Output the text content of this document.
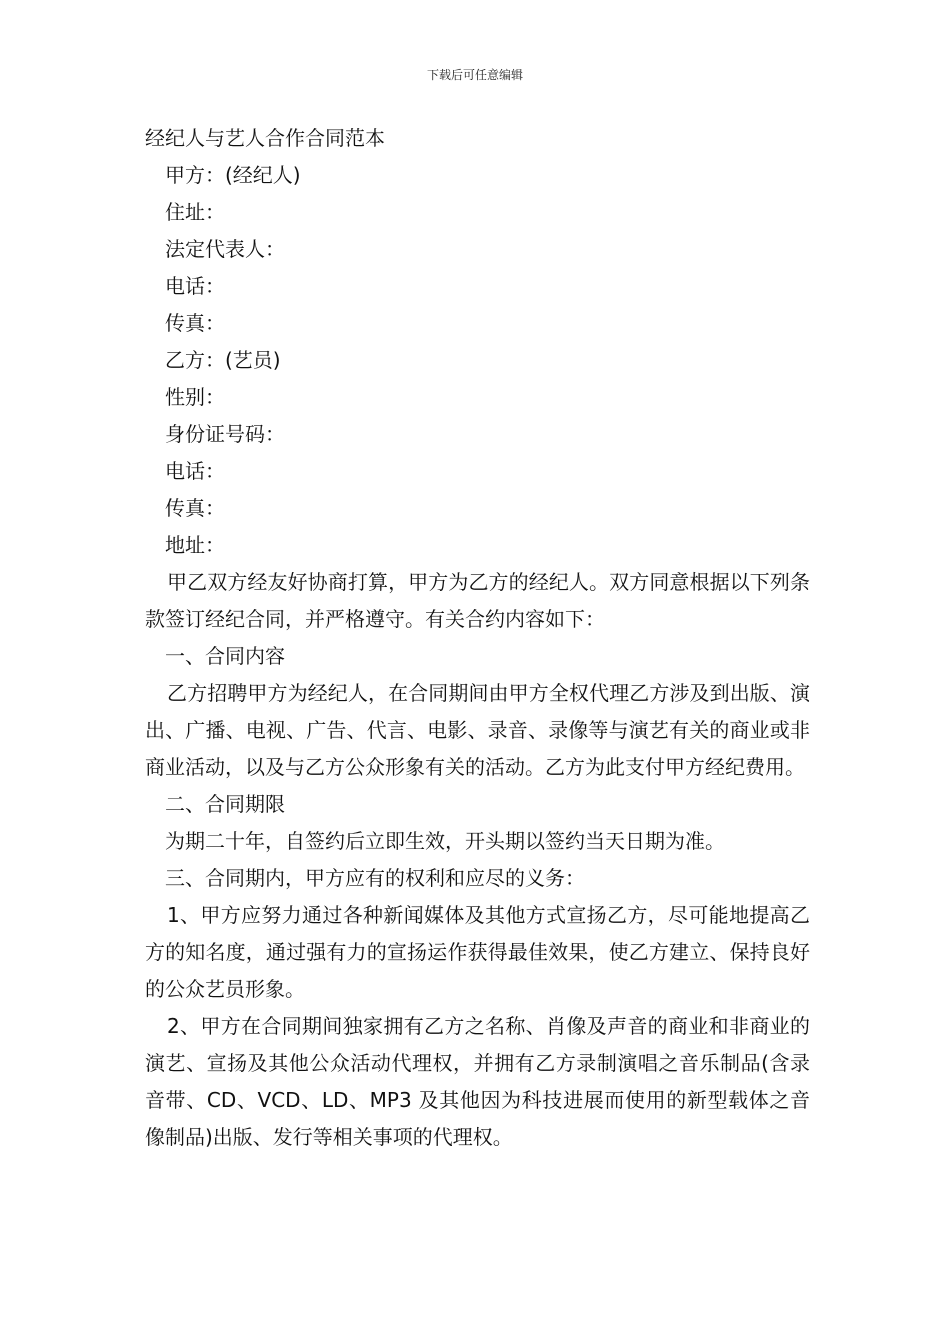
下载后可任意编辑

经纪人与艺人合作合同范本

甲方：(经纪人)

住址：

法定代表人：

电话：

传真：

乙方：(艺员)

性别：

身份证号码：

电话：

传真：

地址：

甲乙双方经友好协商打算，甲方为乙方的经纪人。双方同意根据以下列条款签订经纪合同，并严格遵守。有关合约内容如下：

一、合同内容

乙方招聘甲方为经纪人，在合同期间由甲方全权代理乙方涉及到出版、演出、广播、电视、广告、代言、电影、录音、录像等与演艺有关的商业或非商业活动，以及与乙方公众形象有关的活动。乙方为此支付甲方经纪费用。

二、合同期限

为期二十年，自签约后立即生效，开头期以签约当天日期为准。

三、合同期内，甲方应有的权利和应尽的义务：

1、甲方应努力通过各种新闻媒体及其他方式宣扬乙方，尽可能地提高乙方的知名度，通过强有力的宣扬运作获得最佳效果，使乙方建立、保持良好的公众艺员形象。

2、甲方在合同期间独家拥有乙方之名称、肖像及声音的商业和非商业的演艺、宣扬及其他公众活动代理权，并拥有乙方录制演唱之音乐制品(含录音带、CD、VCD、LD、MP3 及其他因为科技进展而使用的新型载体之音像制品)出版、发行等相关事项的代理权。
